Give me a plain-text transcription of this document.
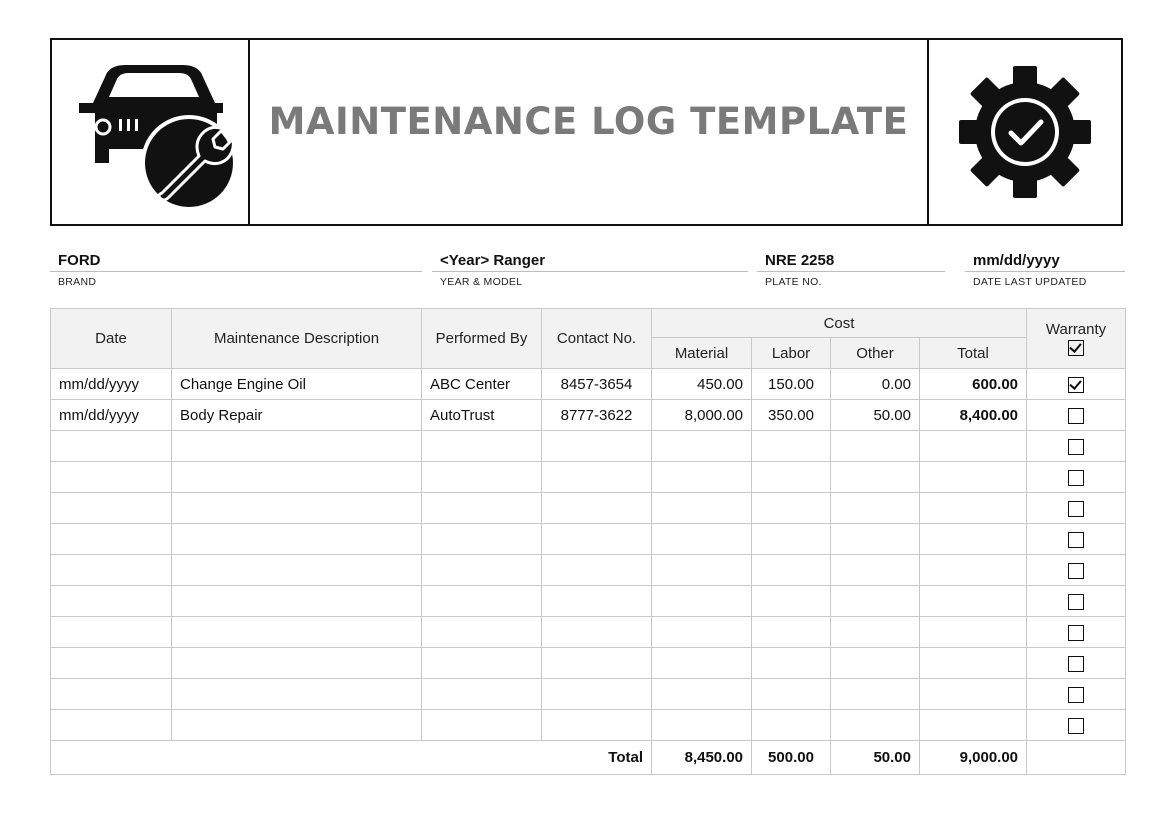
MAINTENANCE LOG TEMPLATE
FORD
BRAND
<Year> Ranger
YEAR & MODEL
NRE 2258
PLATE NO.
mm/dd/yyyy
DATE LAST UPDATED
Date	Maintenance Description	Performed By	Contact No.	Cost				Warranty

				Material	Labor	Other	Total	
mm/dd/yyyy	Change Engine Oil	ABC Center	8457-3654	450.00	150.00	0.00	600.00	
mm/dd/yyyy	Body Repair	AutoTrust	8777-3622	8,000.00	350.00	50.00	8,400.00	

Total				8,450.00	500.00	50.00	9,000.00	
